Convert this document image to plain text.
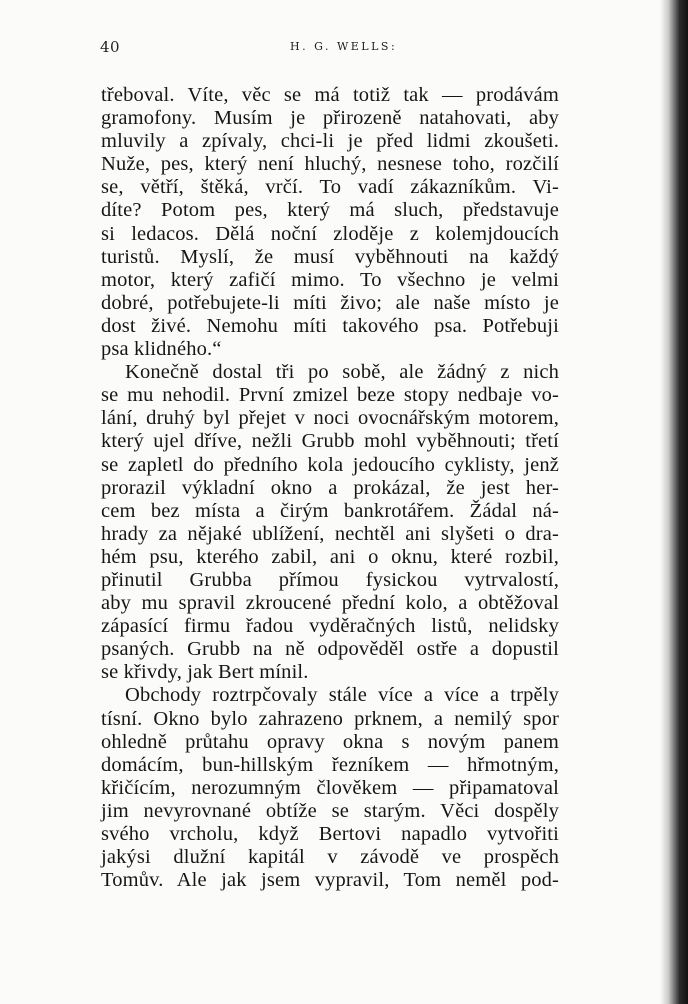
40	H. G. WELLS:
třeboval. Víte, věc se má totiž tak — prodávám
gramofony. Musím je přirozeně natahovati, aby
mluvily a zpívaly, chci-li je před lidmi zkoušeti.
Nuže, pes, který není hluchý, nesnese toho, rozčilí
se, větří, štěká, vrčí. To vadí zákazníkům. Vi-
díte? Potom pes, který má sluch, představuje
si ledacos. Dělá noční zloděje z kolemjdoucích
turistů. Myslí, že musí vyběhnouti na každý
motor, který zafičí mimo. To všechno je velmi
dobré, potřebujete-li míti živo; ale naše místo je
dost živé. Nemohu míti takového psa. Potřebuji
psa klidného.“
Konečně dostal tři po sobě, ale žádný z nich
se mu nehodil. První zmizel beze stopy nedbaje vo-
lání, druhý byl přejet v noci ovocnářským motorem,
který ujel dříve, nežli Grubb mohl vyběhnouti; třetí
se zapletl do předního kola jedoucího cyklisty, jenž
prorazil výkladní okno a prokázal, že jest her-
cem bez místa a čirým bankrotářem. Žádal ná-
hrady za nějaké ublížení, nechtěl ani slyšeti o dra-
hém psu, kterého zabil, ani o oknu, které rozbil,
přinutil Grubba přímou fysickou vytrvalostí,
aby mu spravil zkroucené přední kolo, a obtěžoval
zápasící firmu řadou vyděračných listů, nelidsky
psaných. Grubb na ně odpověděl ostře a dopustil
se křivdy, jak Bert mínil.
Obchody roztrpčovaly stále více a více a trpěly
tísní. Okno bylo zahrazeno prknem, a nemilý spor
ohledně průtahu opravy okna s novým panem
domácím, bun-hillským řezníkem — hřmotným,
křičícím, nerozumným člověkem — připamatoval
jim nevyrovnané obtíže se starým. Věci dospěly
svého vrcholu, když Bertovi napadlo vytvořiti
jakýsi dlužní kapitál v závodě ve prospěch
Tomův. Ale jak jsem vypravil, Tom neměl pod-
